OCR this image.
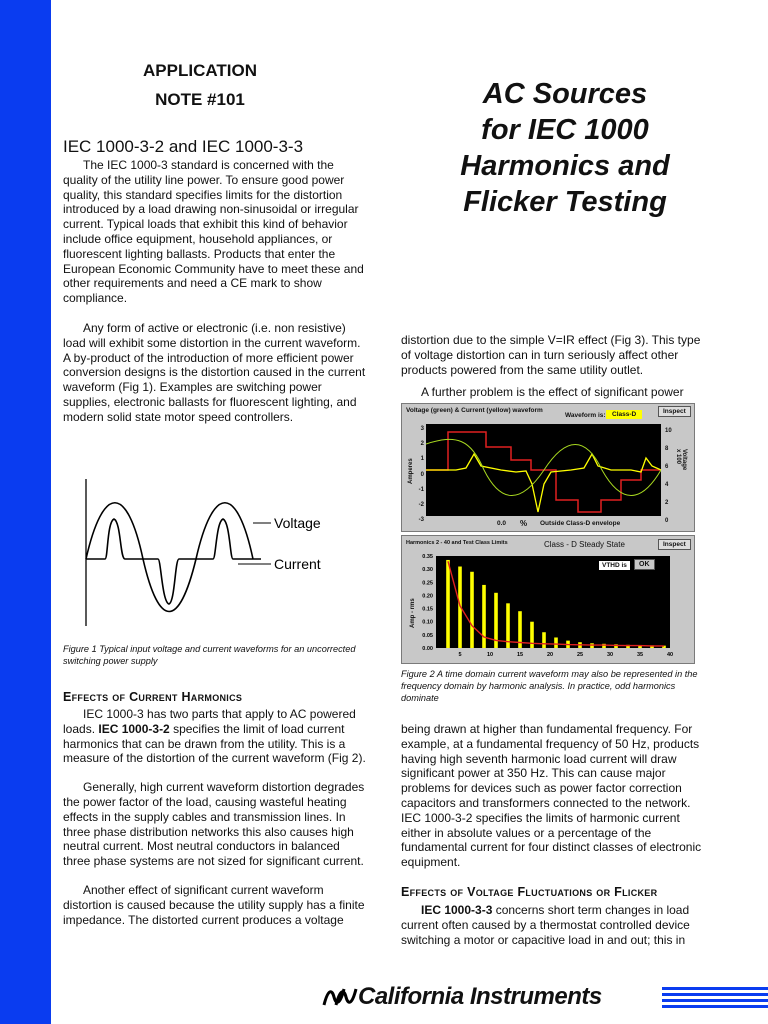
APPLICATION
NOTE #101	AC Sources
for IEC 1000
Harmonics and
Flicker Testing
IEC 1000-3-2 and IEC 1000-3-3

The IEC 1000-3 standard is concerned with the quality of the utility line power. To ensure good power quality, this standard specifies limits for the distortion introduced by a load drawing non-sinusoidal or irregular current. Typical loads that exhibit this kind of behavior include office equipment, household appliances, or fluorescent lighting ballasts. Products that enter the European Economic Community have to meet these and other requirements and need a CE mark to show compliance.

Any form of active or electronic (i.e. non resistive) load will exhibit some distortion in the current waveform. A by-product of the introduction of more efficient power conversion designs is the distortion caused in the current waveform (Fig 1). Examples are switching power supplies, electronic ballasts for fluorescent lighting, and modern solid state motor speed controllers.

Voltage
Current
Figure 1 Typical input voltage and current waveforms for an uncorrected switching power supply
Effects of Current Harmonics

IEC 1000-3 has two parts that apply to AC powered loads. IEC 1000-3-2 specifies the limit of load current harmonics that can be drawn from the utility. This is a measure of the distortion of the current waveform (Fig 2).

Generally, high current waveform distortion degrades the power factor of the load, causing wasteful heating effects in the supply cables and transmission lines. In three phase distribution networks this also causes high neutral current. Most neutral conductors in balanced three phase systems are not sized for significant current.

Another effect of significant current waveform distortion is caused because the utility supply has a finite impedance. The distorted current produces a voltage

distortion due to the simple V=IR effect (Fig 3). This type of voltage distortion can in turn seriously affect other products powered from the same utility outlet.

A further problem is the effect of significant power

Voltage (green) & Current (yellow) waveform
Waveform is: Class-D	Inspect
Amperes	Voltage x 100
3
2
1
0
-1
-2
-3
10
8
6
4
2
0
0.0 % Outside Class-D envelope
Harmonics 2 - 40 and Test Class Limits	Class - D Steady State	Inspect
Amp - rms
0.35
0.30
0.25
0.20
0.15
0.10
0.05
0.00
5	10	15	20	25	30	35	40
VTHD is	OK
Figure 2 A time domain current waveform may also be represented in the frequency domain by harmonic analysis. In practice, odd harmonics dominate

being drawn at higher than fundamental frequency. For example, at a fundamental frequency of 50 Hz, products having high seventh harmonic load current will draw significant power at 350 Hz. This can cause major problems for devices such as power factor correction capacitors and transformers connected to the network. IEC 1000-3-2 specifies the limits of harmonic current either in absolute values or a percentage of the fundamental current for four distinct classes of electronic equipment.

Effects of Voltage Fluctuations or Flicker

IEC 1000-3-3 concerns short term changes in load current often caused by a thermostat controlled device switching a motor or capacitive load in and out; this in

California Instruments
